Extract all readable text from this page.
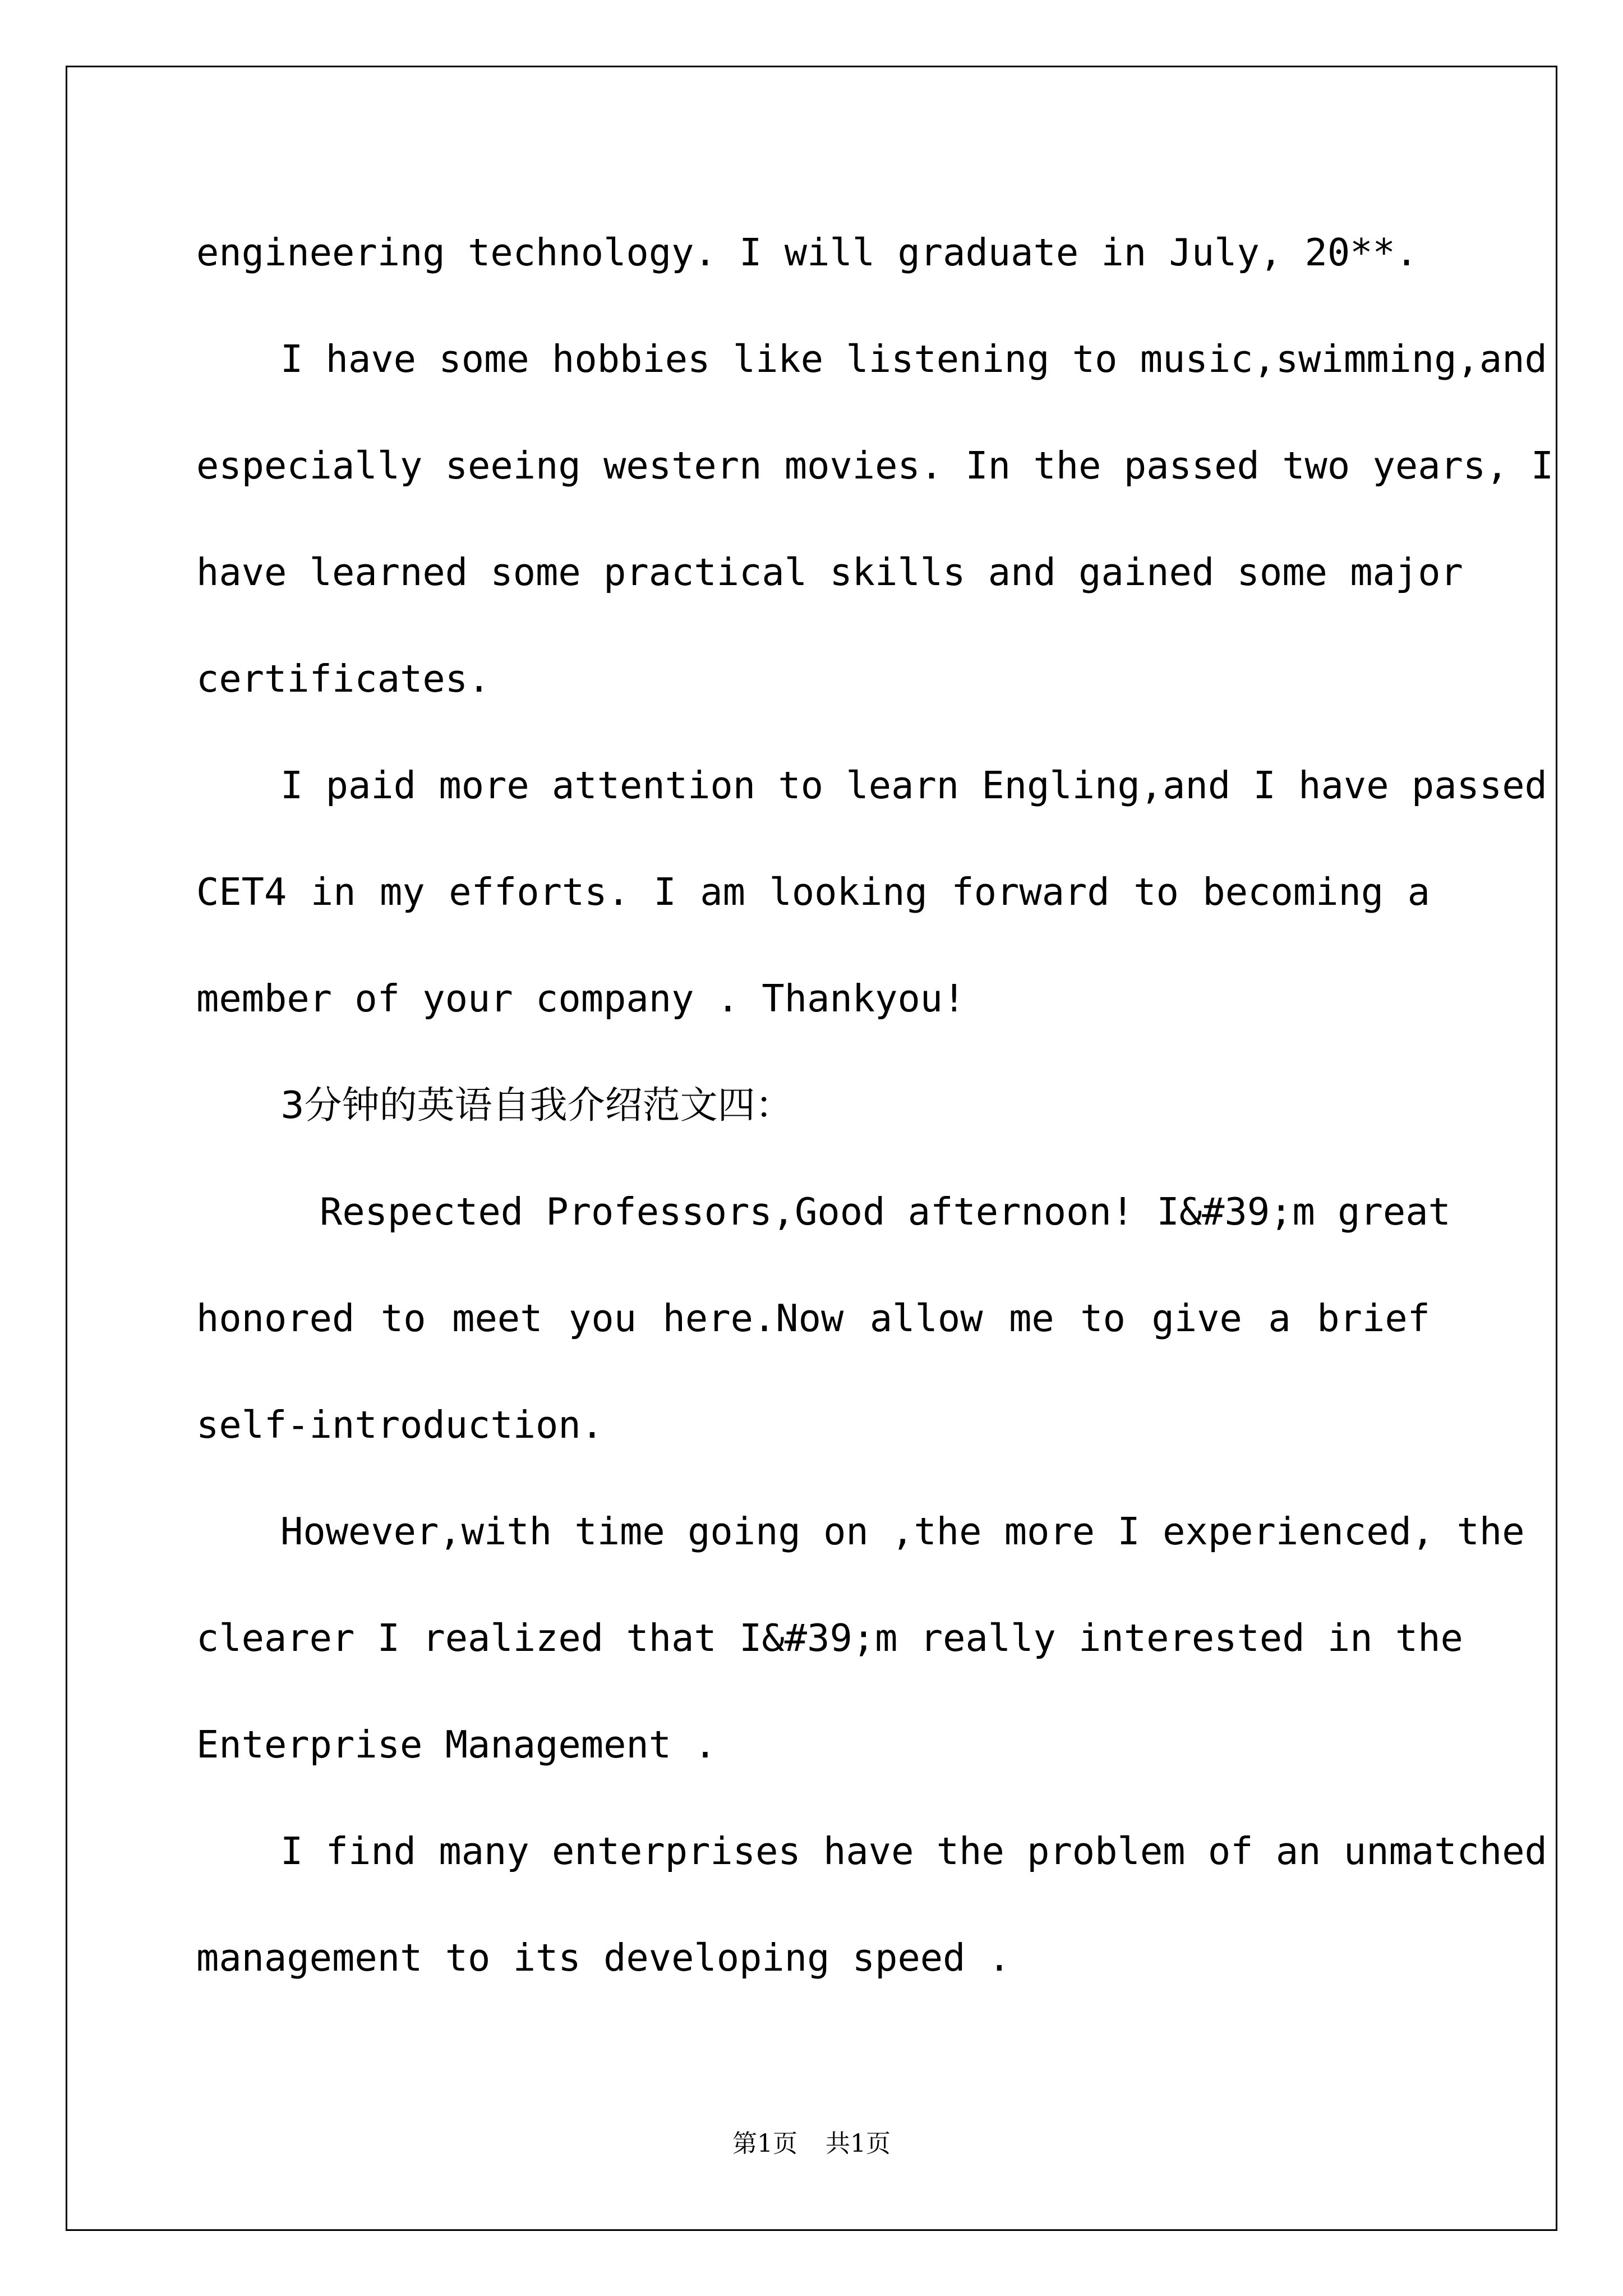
engineering technology. I will graduate in July, 20**.
I have some hobbies like listening to music,swimming,and
especially seeing western movies. In the passed two years, I
have learned some practical skills and gained some major
certificates.
I paid more attention to learn Engling,and I have passed
CET4 in my efforts. I am looking forward to becoming a
member of your company . Thankyou!
3分钟的英语自我介绍范文四：
Respected Professors,Good afternoon! I&#39;m great
honored to meet you here.Now allow me to give a brief
self-introduction.
However,with time going on ,the more I experienced, the
clearer I realized that I&#39;m really interested in the
Enterprise Management .
I find many enterprises have the problem of an unmatched
management to its developing speed .
第1页 共1页
